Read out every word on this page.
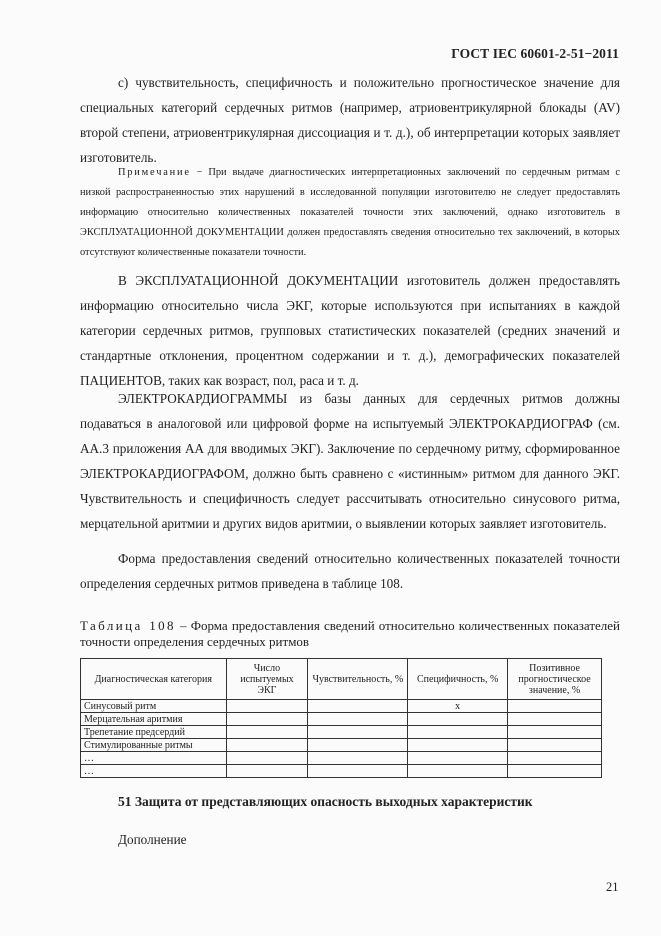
ГОСТ IEC 60601-2-51−2011
с) чувствительность, специфичность и положительно прогностическое значение для специальных категорий сердечных ритмов (например, атриовентрикулярной блокады (AV) второй степени, атриовентрикулярная диссоциация и т. д.), об интерпретации которых заявляет изготовитель.
Примечание − При выдаче диагностических интерпретационных заключений по сердечным ритмам с низкой распространенностью этих нарушений в исследованной популяции изготовителю не следует предоставлять информацию относительно количественных показателей точности этих заключений, однако изготовитель в ЭКСПЛУАТАЦИОННОЙ ДОКУМЕНТАЦИИ должен предоставлять сведения относительно тех заключений, в которых отсутствуют количественные показатели точности.
В ЭКСПЛУАТАЦИОННОЙ ДОКУМЕНТАЦИИ изготовитель должен предоставлять информацию относительно числа ЭКГ, которые используются при испытаниях в каждой категории сердечных ритмов, групповых статистических показателей (средних значений и стандартные отклонения, процентном содержании и т. д.), демографических показателей ПАЦИЕНТОВ, таких как возраст, пол, раса и т. д.
ЭЛЕКТРОКАРДИОГРАММЫ из базы данных для сердечных ритмов должны подаваться в аналоговой или цифровой форме на испытуемый ЭЛЕКТРОКАРДИОГРАФ (см. АА.3 приложения АА для вводимых ЭКГ). Заключение по сердечному ритму, сформированное ЭЛЕКТРОКАРДИОГРАФОМ, должно быть сравнено с «истинным» ритмом для данного ЭКГ. Чувствительность и специфичность следует рассчитывать относительно синусового ритма, мерцательной аритмии и других видов аритмии, о выявлении которых заявляет изготовитель.
Форма предоставления сведений относительно количественных показателей точности определения сердечных ритмов приведена в таблице 108.
Таблица 108 – Форма предоставления сведений относительно количественных показателей точности определения сердечных ритмов
Диагностическая категория	Число испытуемых ЭКГ	Чувствительность, %	Специфичность, %	Позитивное прогностическое значение, %
Синусовый ритм			x	
Мерцательная аритмия				
Трепетание предсердий				
Стимулированные ритмы				
…				
…				
51 Защита от представляющих опасность выходных характеристик
Дополнение
21
